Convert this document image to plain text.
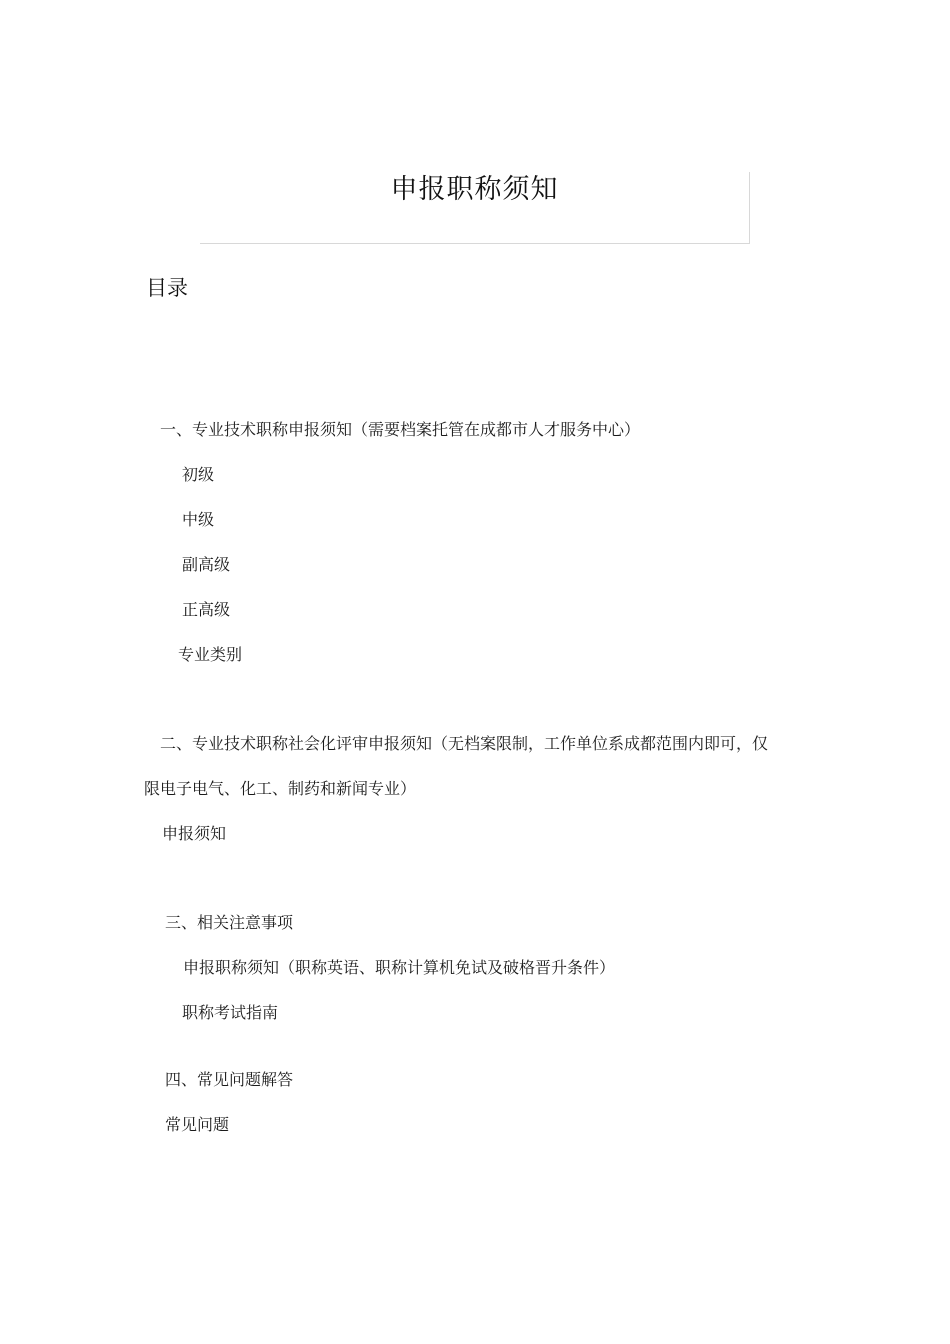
申报职称须知
目录
一、专业技术职称申报须知（需要档案托管在成都市人才服务中心）
初级
中级
副高级
正高级
专业类别
二、专业技术职称社会化评审申报须知（无档案限制，工作单位系成都范围内即可，仅
限电子电气、化工、制药和新闻专业）
申报须知
三、相关注意事项
申报职称须知（职称英语、职称计算机免试及破格晋升条件）
职称考试指南
四、常见问题解答
常见问题
